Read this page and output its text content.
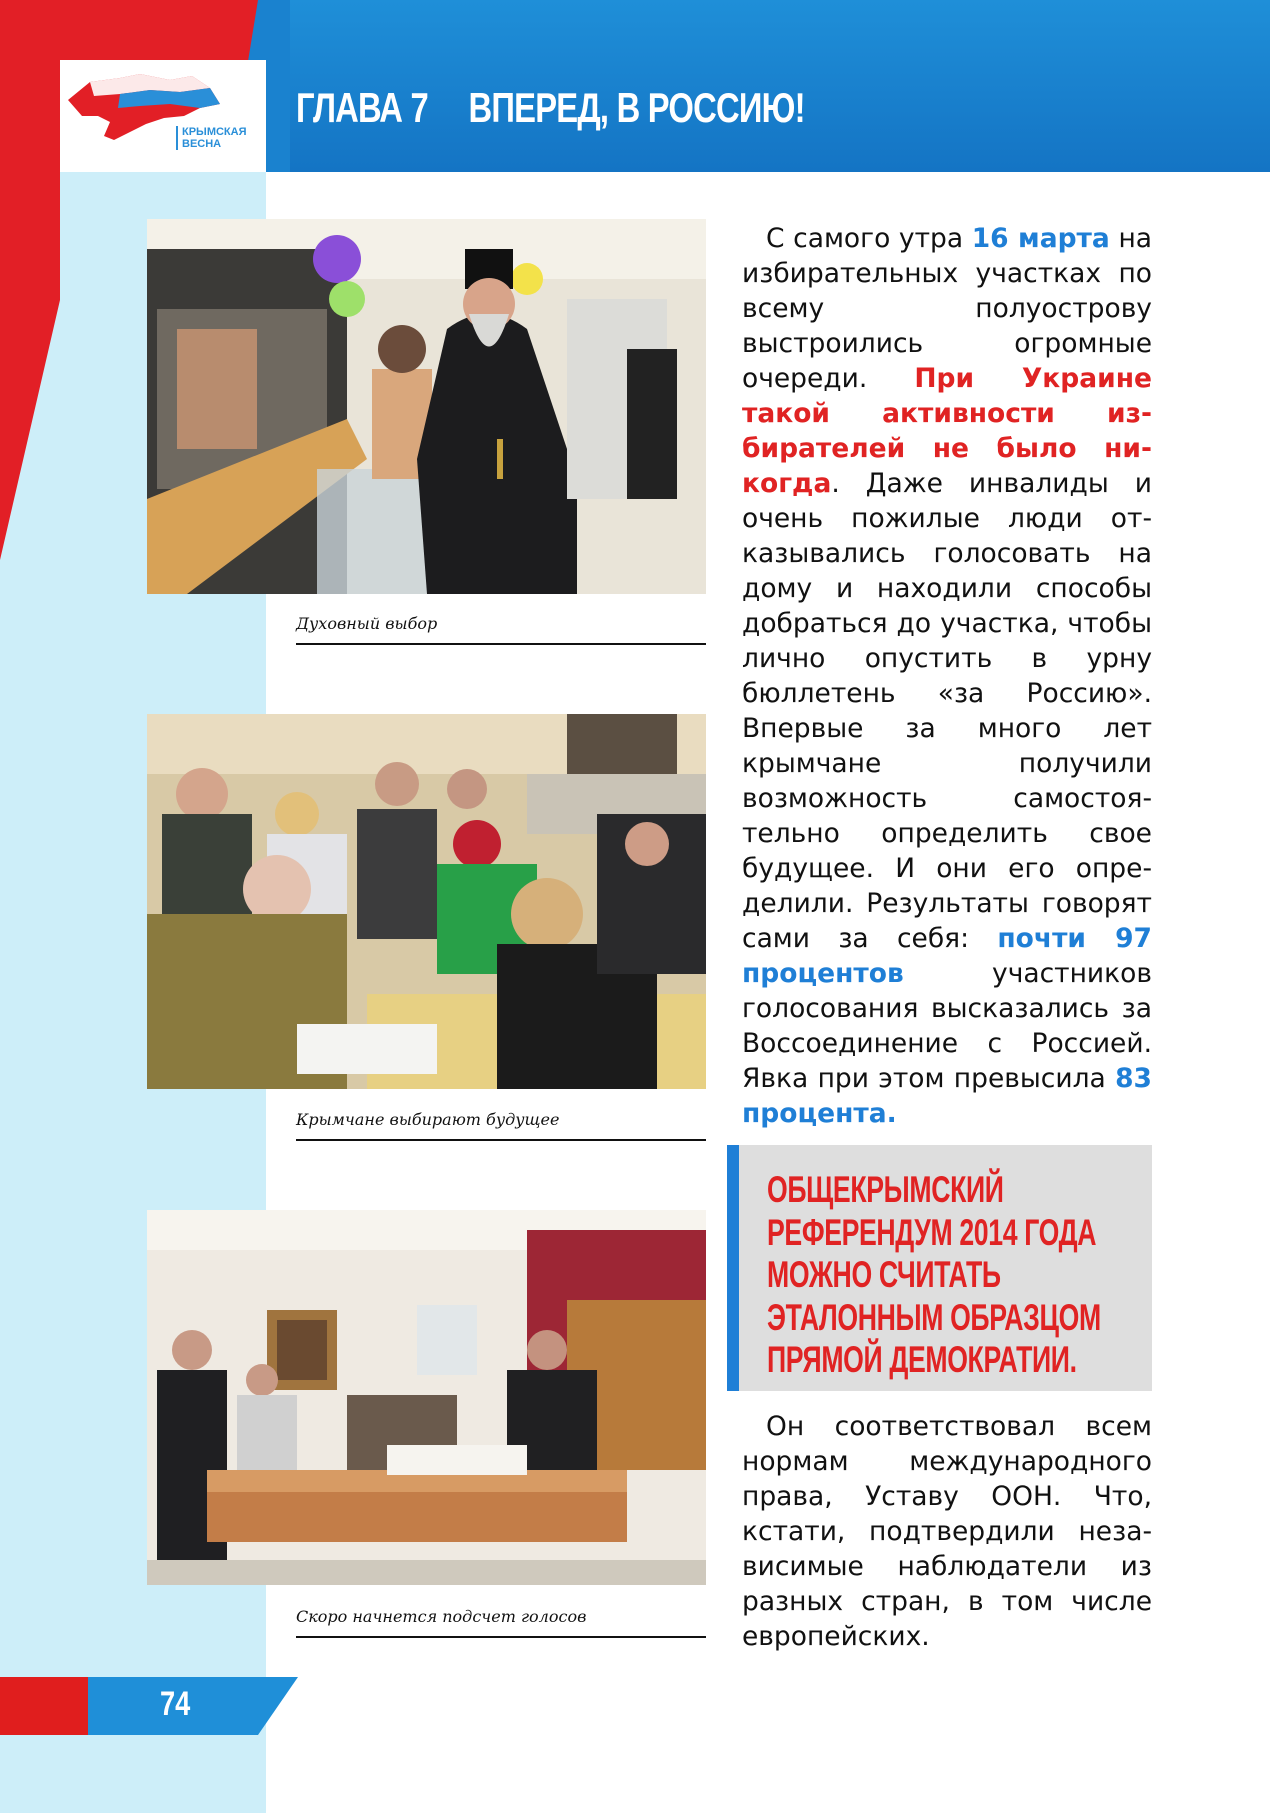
КРЫМСКАЯ ВЕСНА
ГЛАВА 7 ВПЕРЕД, В РОССИЮ!
Духовный выбор
Крымчане выбирают будущее
Скоро начнется подсчет голосов

С самого утра 16 марта на избирательных участках по всему полуострову выстроились огромные очереди. При Украине такой активности избирателей не было никогда. Даже инвалиды и очень пожилые люди отказывались голосовать на дому и находили способы добраться до участка, чтобы лично опустить в урну бюллетень «за Россию». Впервые за много лет крымчане получили возможность самостоятельно определить свое будущее. И они его определили. Результаты говорят сами за себя: почти 97 процентов участников голосования высказались за Воссоединение с Россией. Явка при этом превысила 83 процента.

ОБЩЕКРЫМСКИЙ РЕФЕРЕНДУМ 2014 ГОДА МОЖНО СЧИТАТЬ ЭТАЛОННЫМ ОБРАЗЦОМ ПРЯМОЙ ДЕМОКРАТИИ.

Он соответствовал всем нормам международного права, Уставу ООН. Что, кстати, подтвердили независимые наблюдатели из разных стран, в том числе европейских.

74
